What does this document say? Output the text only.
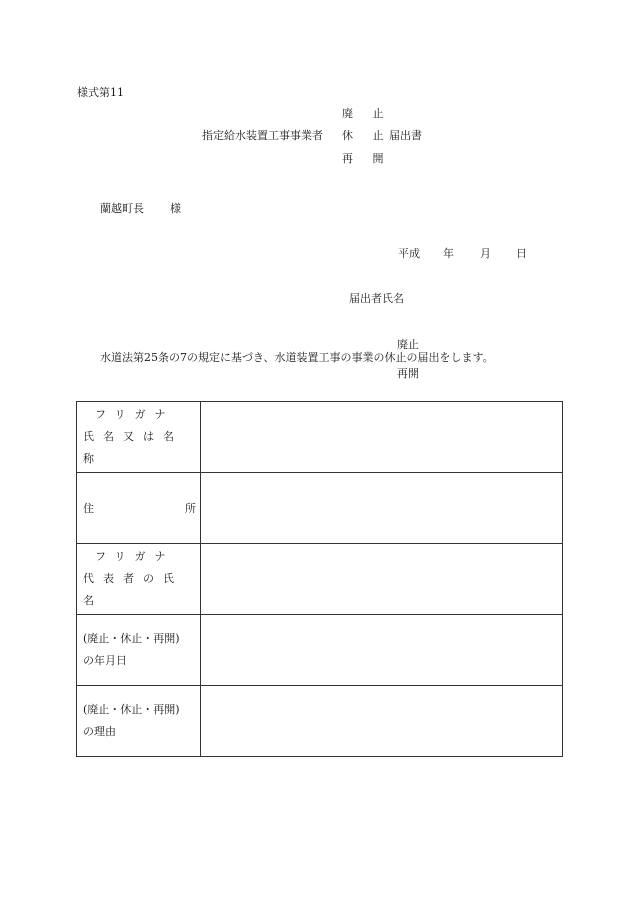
様式第11
廃 止
指定給水装置工事事業者 休 止
届出書
再 開
蘭越町長 様
平成 年 月 日
届出者氏名
廃止
水道法第25条の7の規定に基づき、水道装置工事の事業の休止の届出をします。
再開
フリガナ
氏名又は名称	

住 所	

フリガナ
代表者の氏名	

(廃止・休止・再開)
の年月日	

(廃止・休止・再開)
の理由	
